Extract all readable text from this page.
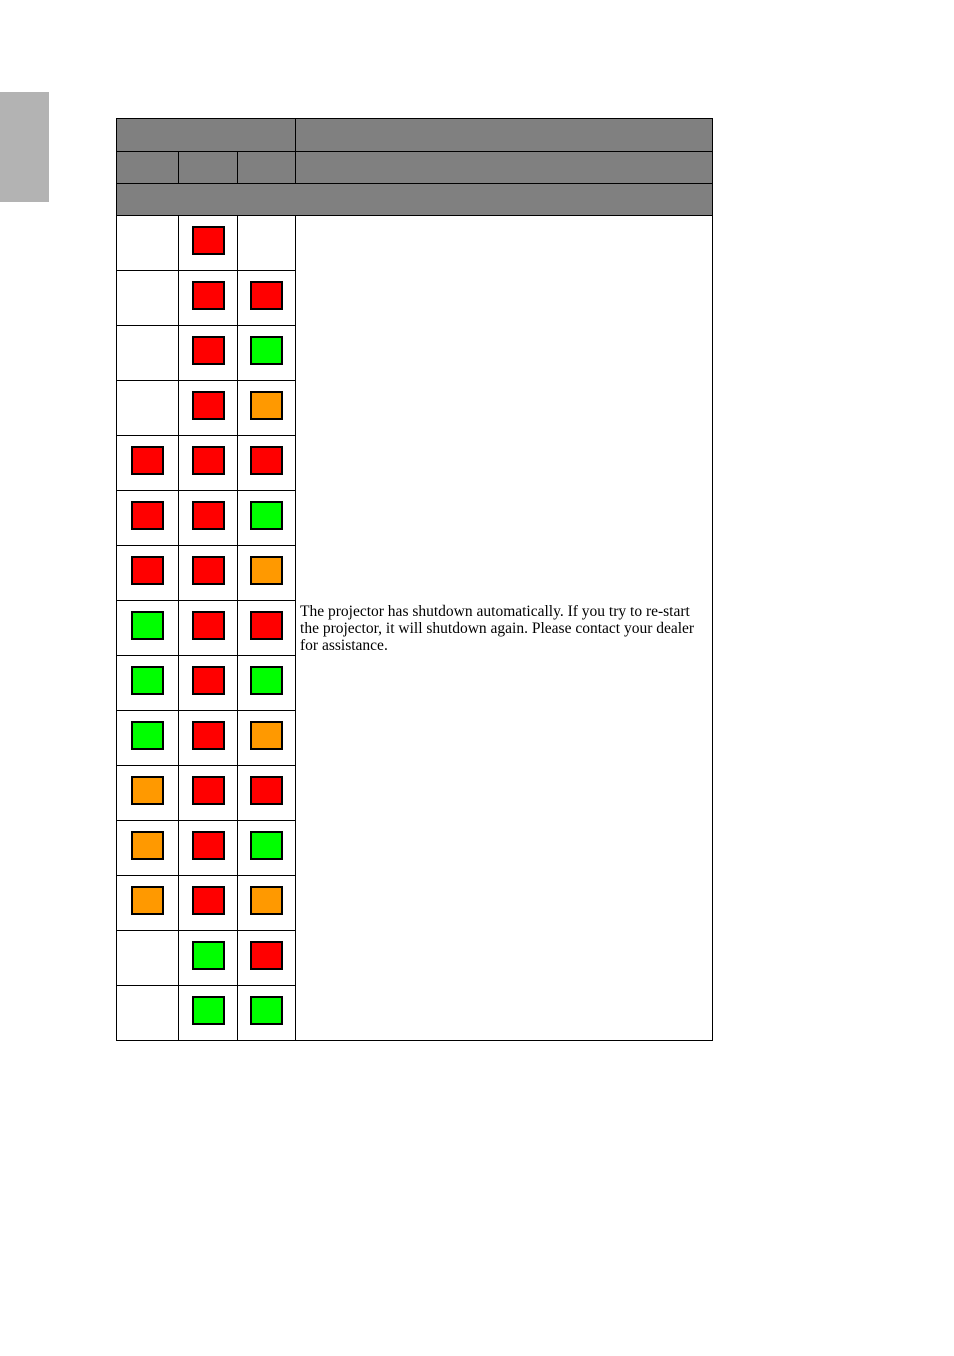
			The projector has shutdown automatically. If you try to re-start the projector, it will shutdown again. Please contact your dealer for assistance.
